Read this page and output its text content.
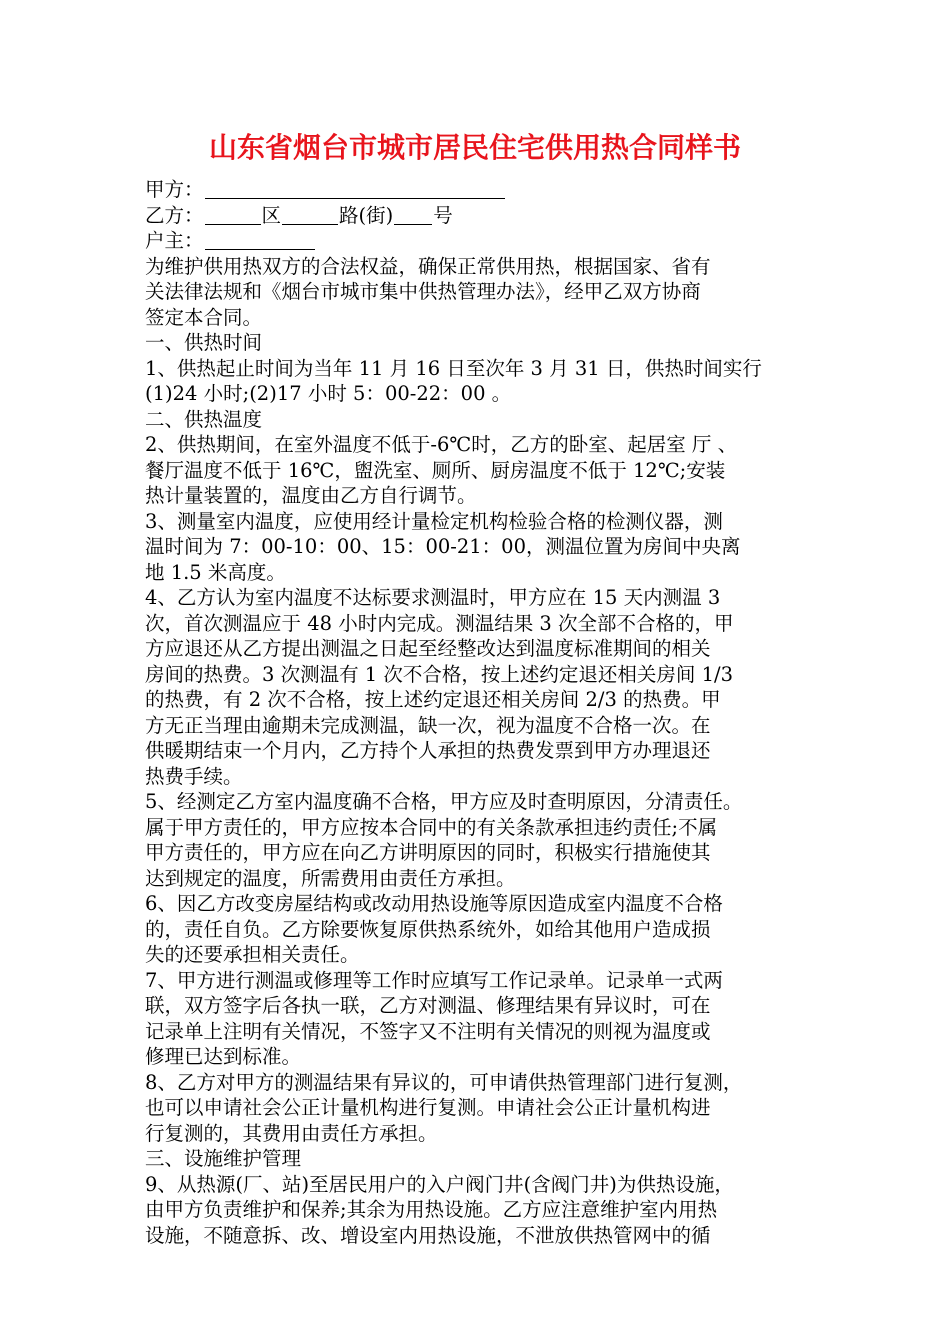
山东省烟台市城市居民住宅供用热合同样书
甲方：
乙方：	区	路(街) 号
户主：
为维护供用热双方的合法权益，确保正常供用热，根据国家、省有
关法律法规和《烟台市城市集中供热管理办法》，经甲乙双方协商
签定本合同。
一、供热时间
1、供热起止时间为当年 11 月 16 日至次年 3 月 31 日，供热时间实行
(1)24 小时;(2)17 小时 5：00-22：00 。
二、供热温度
2、供热期间，在室外温度不低于-6℃时，乙方的卧室、起居室 厅 、
餐厅温度不低于 16℃，盥洗室、厕所、厨房温度不低于 12℃;安装
热计量装置的，温度由乙方自行调节。
3、测量室内温度，应使用经计量检定机构检验合格的检测仪器，测
温时间为 7：00-10：00、15：00-21：00，测温位置为房间中央离
地 1.5 米高度。
4、乙方认为室内温度不达标要求测温时，甲方应在 15 天内测温 3
次，首次测温应于 48 小时内完成。测温结果 3 次全部不合格的，甲
方应退还从乙方提出测温之日起至经整改达到温度标准期间的相关
房间的热费。3 次测温有 1 次不合格，按上述约定退还相关房间 1/3
的热费，有 2 次不合格，按上述约定退还相关房间 2/3 的热费。甲
方无正当理由逾期未完成测温，缺一次，视为温度不合格一次。在
供暖期结束一个月内，乙方持个人承担的热费发票到甲方办理退还
热费手续。
5、经测定乙方室内温度确不合格，甲方应及时查明原因，分清责任。
属于甲方责任的，甲方应按本合同中的有关条款承担违约责任;不属
甲方责任的，甲方应在向乙方讲明原因的同时，积极实行措施使其
达到规定的温度，所需费用由责任方承担。
6、因乙方改变房屋结构或改动用热设施等原因造成室内温度不合格
的，责任自负。乙方除要恢复原供热系统外，如给其他用户造成损
失的还要承担相关责任。
7、甲方进行测温或修理等工作时应填写工作记录单。记录单一式两
联，双方签字后各执一联，乙方对测温、修理结果有异议时，可在
记录单上注明有关情况，不签字又不注明有关情况的则视为温度或
修理已达到标准。
8、乙方对甲方的测温结果有异议的，可申请供热管理部门进行复测，
也可以申请社会公正计量机构进行复测。申请社会公正计量机构进
行复测的，其费用由责任方承担。
三、设施维护管理
9、从热源(厂、站)至居民用户的入户阀门井(含阀门井)为供热设施，
由甲方负责维护和保养;其余为用热设施。乙方应注意维护室内用热
设施，不随意拆、改、增设室内用热设施，不泄放供热管网中的循
